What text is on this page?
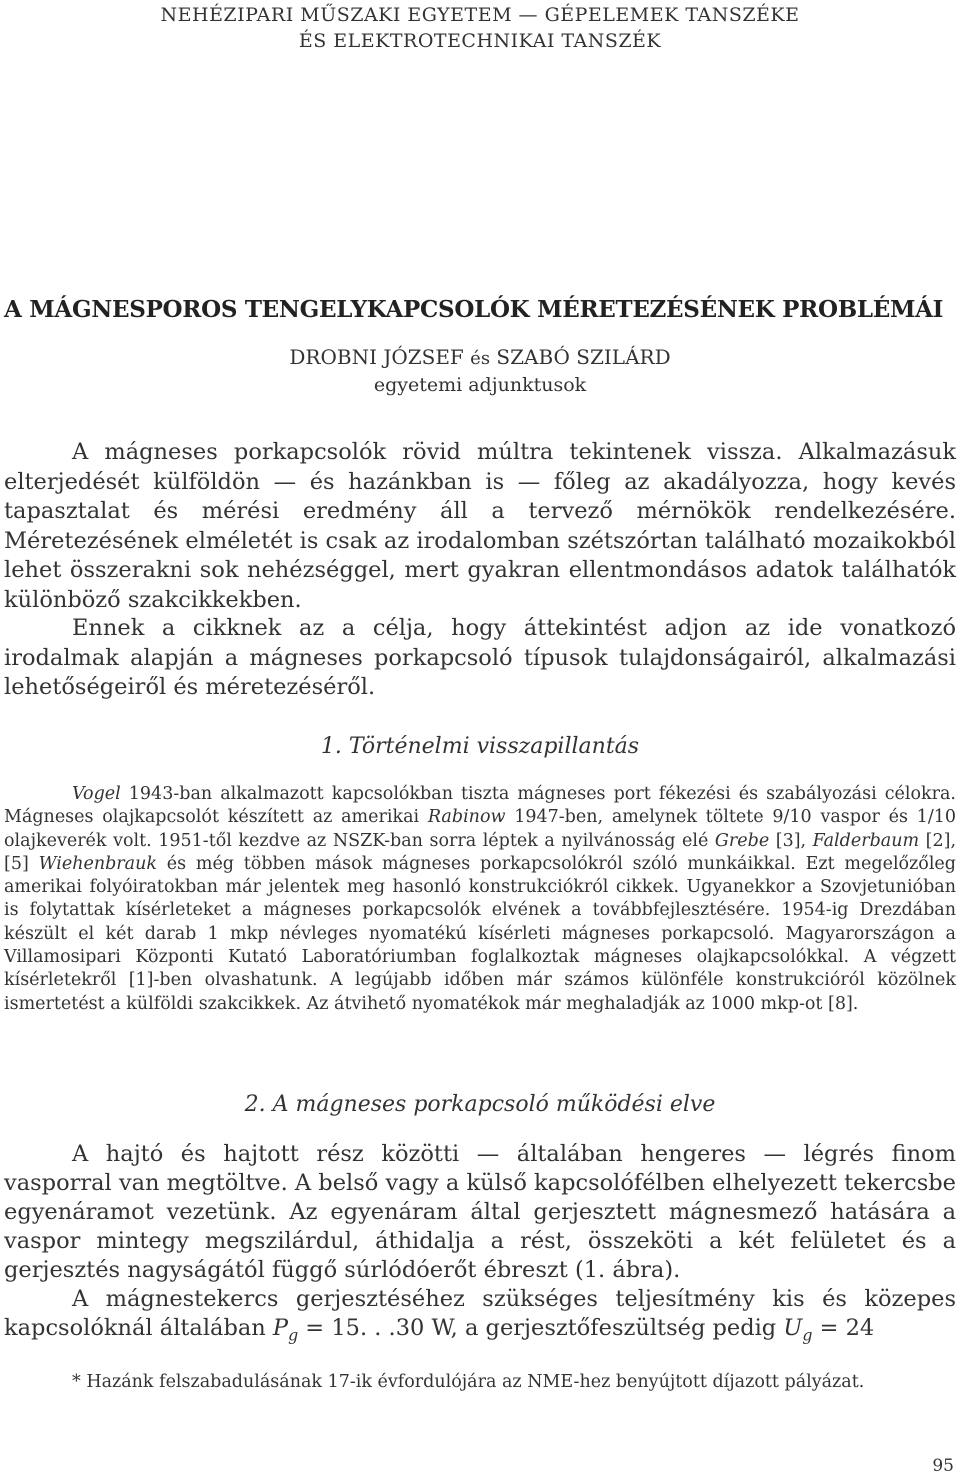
NEHÉZIPARI MŰSZAKI EGYETEM — GÉPELEMEK TANSZÉKE
ÉS ELEKTROTECHNIKAI TANSZÉK
A MÁGNESPOROS TENGELYKAPCSOLÓK MÉRETEZÉSÉNEK PROBLÉMÁI
DROBNI JÓZSEF és SZABÓ SZILÁRD
egyetemi adjunktusok

A mágneses porkapcsolók rövid múltra tekintenek vissza. Alkalmazásuk elterjedését külföldön — és hazánkban is — főleg az akadályozza, hogy kevés tapasztalat és mérési eredmény áll a tervező mérnökök rendelkezésére. Méretezésének elméletét is csak az irodalomban szétszórtan található mozaikokból lehet összerakni sok nehézséggel, mert gyakran ellentmondásos adatok találhatók különböző szakcikkekben.

Ennek a cikknek az a célja, hogy áttekintést adjon az ide vonatkozó irodalmak alapján a mágneses porkapcsoló típusok tulajdonságairól, alkalmazási lehetőségeiről és méretezéséről.

1. Történelmi visszapillantás

Vogel 1943-ban alkalmazott kapcsolókban tiszta mágneses port fékezési és szabályozási célokra. Mágneses olajkapcsolót készített az amerikai Rabinow 1947-ben, amelynek töltete 9/10 vaspor és 1/10 olajkeverék volt. 1951-től kezdve az NSZK-ban sorra léptek a nyilvánosság elé Grebe [3], Falderbaum [2], [5] Wiehenbrauk és még többen mások mágneses porkapcsolókról szóló munkáikkal. Ezt megelőzőleg amerikai folyóiratokban már jelentek meg hasonló konstrukciókról cikkek. Ugyanekkor a Szovjetunióban is folytattak kísérleteket a mágneses porkapcsolók elvének a továbbfejlesztésére. 1954-ig Drezdában készült el két darab 1 mkp névleges nyomatékú kísérleti mágneses porkapcsoló. Magyarországon a Villamosipari Központi Kutató Laboratóriumban foglalkoztak mágneses olajkapcsolókkal. A végzett kísérletekről [1]-ben olvashatunk. A legújabb időben már számos különféle konstrukcióról közölnek ismertetést a külföldi szakcikkek. Az átvihető nyomatékok már meghaladják az 1000 mkp-ot [8].

2. A mágneses porkapcsoló működési elve

A hajtó és hajtott rész közötti — általában hengeres — légrés finom vasporral van megtöltve. A belső vagy a külső kapcsolófélben elhelyezett tekercsbe egyenáramot vezetünk. Az egyenáram által gerjesztett mágnesmező hatására a vaspor mintegy megszilárdul, áthidalja a rést, összeköti a két felületet és a gerjesztés nagyságától függő súrlódóerőt ébreszt (1. ábra).

A mágnestekercs gerjesztéséhez szükséges teljesítmény kis és közepes kapcsolóknál általában $P_g = 15$. . .30 W, a gerjesztőfeszültség pedig $U_g = 24$

* Hazánk felszabadulásának 17-ik évfordulójára az NME-hez benyújtott díjazott pályázat.

95
